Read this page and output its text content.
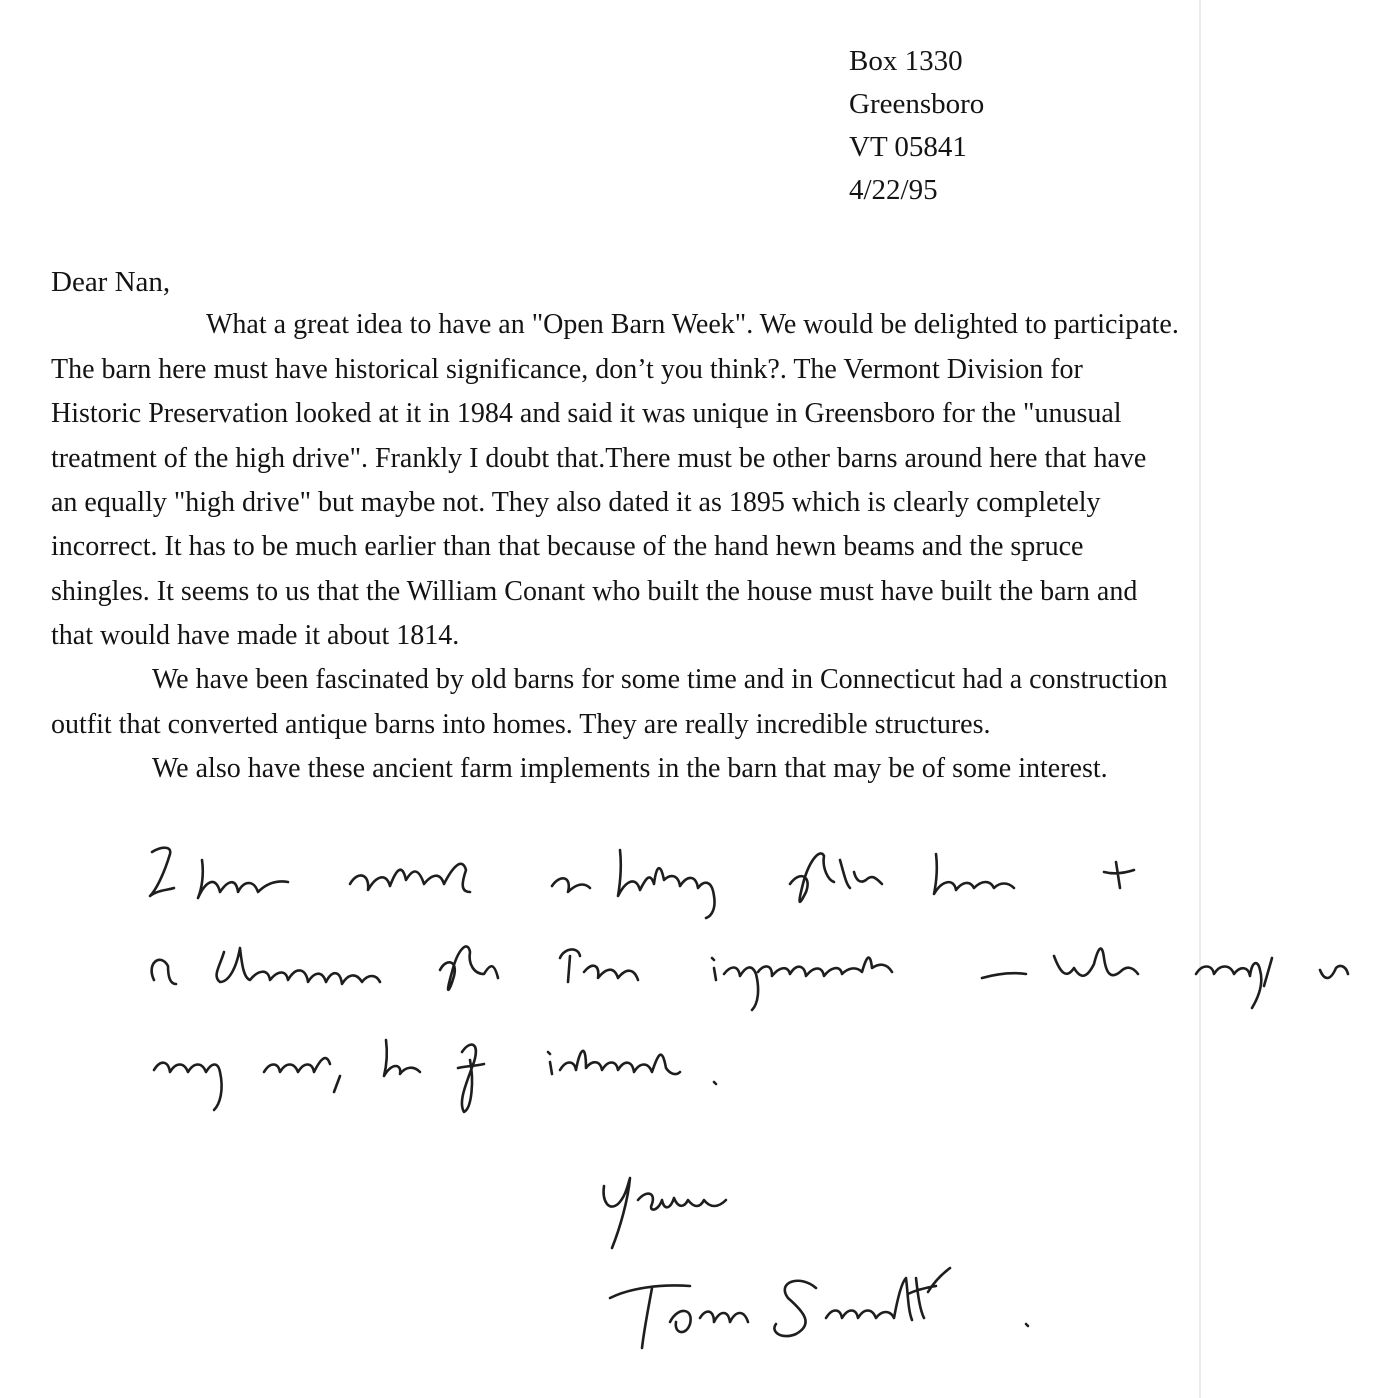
Box 1330
Greensboro
VT 05841
4/22/95
Dear Nan,
What a great idea to have an "Open Barn Week". We would be delighted to participate.
The barn here must have historical significance, don’t you think?. The Vermont Division for
Historic Preservation looked at it in 1984 and said it was unique in Greensboro for the "unusual
treatment of the high drive". Frankly I doubt that.There must be other barns around here that have
an equally "high drive" but maybe not. They also dated it as 1895 which is clearly completely
incorrect. It has to be much earlier than that because of the hand hewn beams and the spruce
shingles. It seems to us that the William Conant who built the house must have built the barn and
that would have made it about 1814.
We have been fascinated by old barns for some time and in Connecticut had a construction
outfit that converted antique barns into homes. They are really incredible structures.
We also have these ancient farm implements in the barn that may be of some interest.
